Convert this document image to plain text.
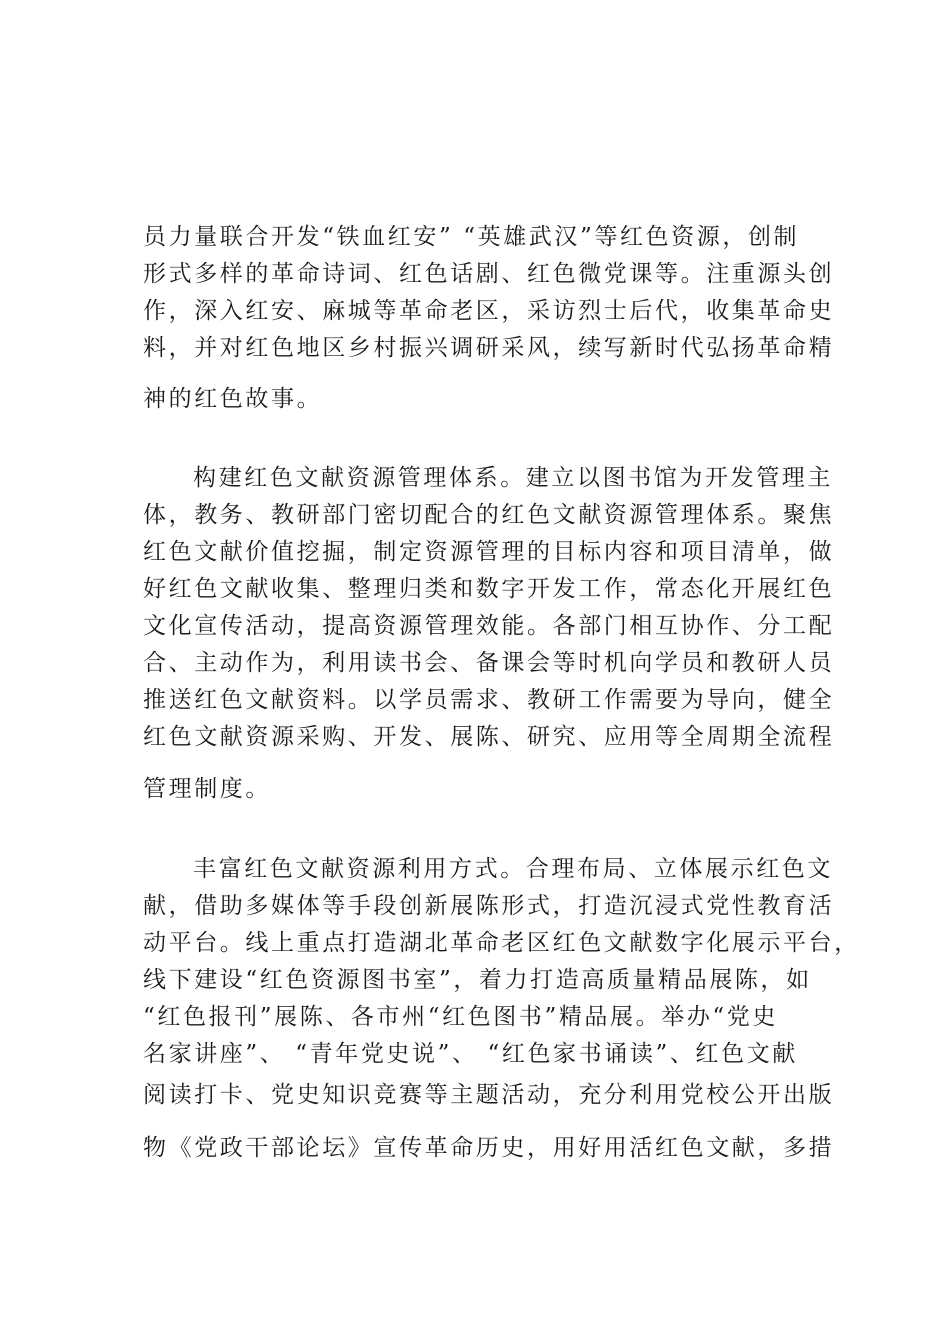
员力量联合开发“铁血红安” “英雄武汉”等红色资源，创制
形式多样的革命诗词、红色话剧、红色微党课等。注重源头创
作，深入红安、麻城等革命老区，采访烈士后代，收集革命史
料，并对红色地区乡村振兴调研采风，续写新时代弘扬革命精
神的红色故事。
构建红色文献资源管理体系。建立以图书馆为开发管理主
体，教务、教研部门密切配合的红色文献资源管理体系。聚焦
红色文献价值挖掘，制定资源管理的目标内容和项目清单，做
好红色文献收集、整理归类和数字开发工作，常态化开展红色
文化宣传活动，提高资源管理效能。各部门相互协作、分工配
合、主动作为，利用读书会、备课会等时机向学员和教研人员
推送红色文献资料。以学员需求、教研工作需要为导向，健全
红色文献资源采购、开发、展陈、研究、应用等全周期全流程
管理制度。
丰富红色文献资源利用方式。合理布局、立体展示红色文
献，借助多媒体等手段创新展陈形式，打造沉浸式党性教育活
动平台。线上重点打造湖北革命老区红色文献数字化展示平台，
线下建设“红色资源图书室”，着力打造高质量精品展陈，如
“红色报刊”展陈、各市州“红色图书”精品展。举办“党史
名家讲座”、 “青年党史说”、 “红色家书诵读”、红色文献
阅读打卡、党史知识竞赛等主题活动，充分利用党校公开出版
物《党政干部论坛》宣传革命历史，用好用活红色文献，多措
